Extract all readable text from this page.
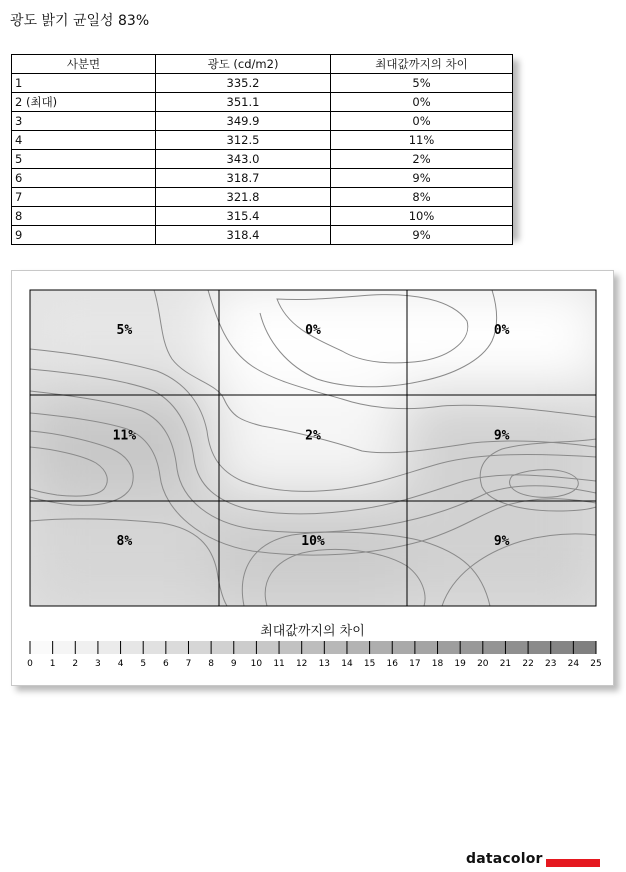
광도 밝기 균일성 83%
사분면	광도 (cd/m2)	최대값까지의 차이
1	335.2	5%
2 (최대)	351.1	0%
3	349.9	0%
4	312.5	11%
5	343.0	2%
6	318.7	9%
7	321.8	8%
8	315.4	10%
9	318.4	9%
5%	0%	0%
11%	2%	9%
8%	10%	9%
0 1 2 3 4 5 6 7 8 9 10 11 12 13 14 15 16 17 18 19 20 21 22 23 24 25
datacolor
최대값까지의 차이
